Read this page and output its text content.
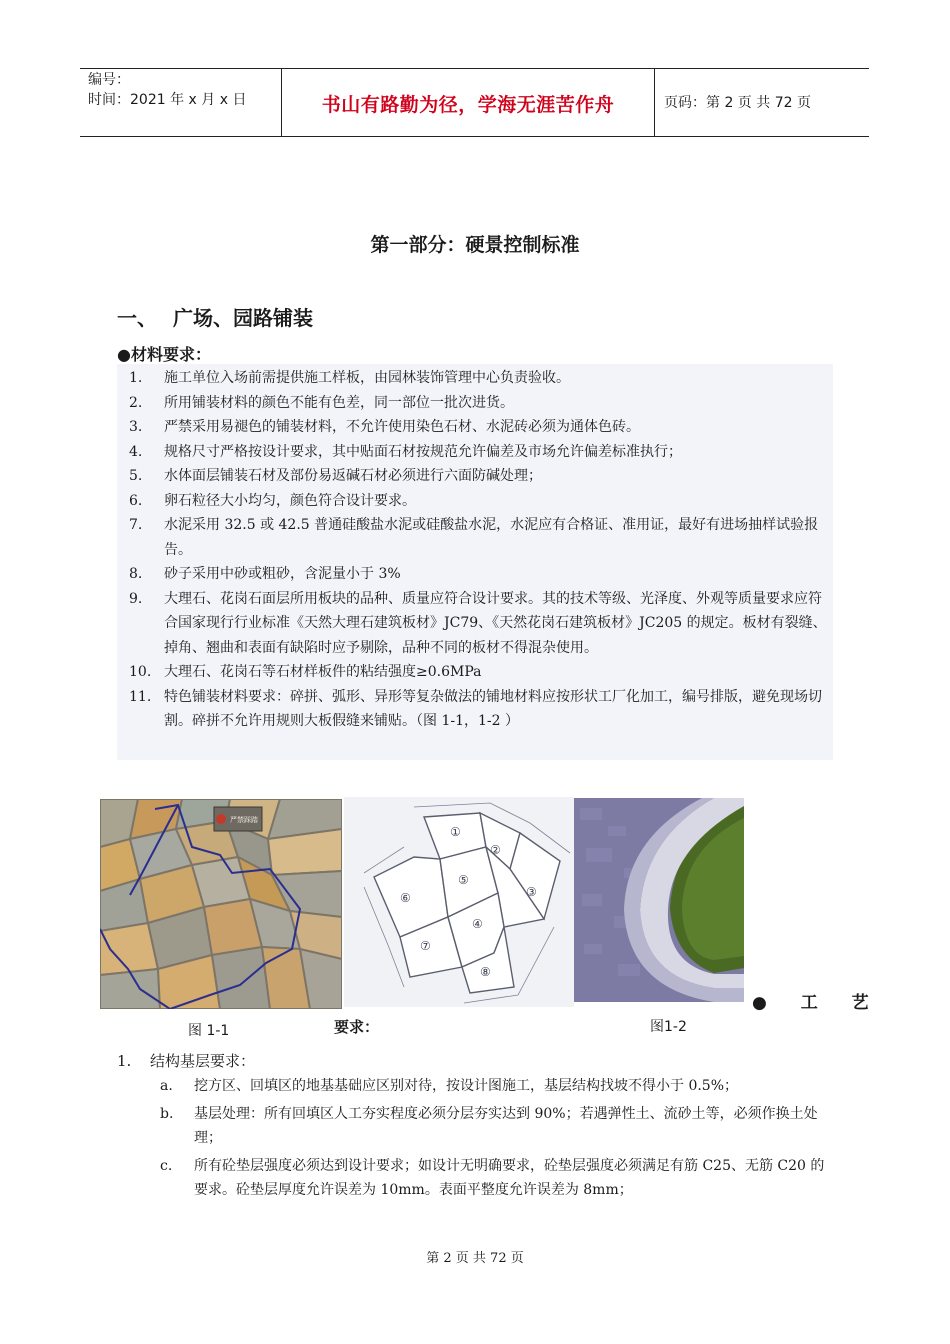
编号：
时间：2021 年 x 月 x 日	书山有路勤为径，学海无涯苦作舟	页码：第 2 页 共 72 页
第一部分：硬景控制标准
一、 广场、园路铺装
●材料要求：
1.	施工单位入场前需提供施工样板，由园林装饰管理中心负责验收。
2.	所用铺装材料的颜色不能有色差，同一部位一批次进货。
3.	严禁采用易褪色的铺装材料，不允许使用染色石材、水泥砖必须为通体色砖。
4.	规格尺寸严格按设计要求，其中贴面石材按规范允许偏差及市场允许偏差标准执行；
5.	水体面层铺装石材及部份易返碱石材必须进行六面防碱处理；
6.	卵石粒径大小均匀，颜色符合设计要求。
7.	水泥采用 32.5 或 42.5 普通硅酸盐水泥或硅酸盐水泥，水泥应有合格证、准用证，最好有进场抽样试验报告。
8.	砂子采用中砂或粗砂，含泥量小于 3%
9.	大理石、花岗石面层所用板块的品种、质量应符合设计要求。其的技术等级、光泽度、外观等质量要求应符合国家现行行业标准《天然大理石建筑板材》JC79、《天然花岗石建筑板材》JC205 的规定。板材有裂缝、掉角、翘曲和表面有缺陷时应予剔除，品种不同的板材不得混杂使用。
10. 大理石、花岗石等石材样板件的粘结强度≥0.6MPa
11. 特色铺装材料要求：碎拼、弧形、异形等复杂做法的铺地材料应按形状工厂化加工，编号排版，避免现场切割。碎拼不允许用规则大板假缝来铺贴。（图 1-1，1-2 ）
严禁踩踏
①
②
③
④
⑤
⑥
⑦
⑧
图 1-1	图1-2
● 工 艺
要求：
1. 结构基层要求：
a.	挖方区、回填区的地基基础应区别对待，按设计图施工，基层结构找坡不得小于 0.5%；
b.	基层处理：所有回填区人工夯实程度必须分层夯实达到 90%；若遇弹性土、流砂土等，必须作换土处理；
c.	所有砼垫层强度必须达到设计要求；如设计无明确要求，砼垫层强度必须满足有筋 C25、无筋 C20 的要求。砼垫层厚度允许误差为 10mm。表面平整度允许误差为 8mm；
第 2 页 共 72 页
